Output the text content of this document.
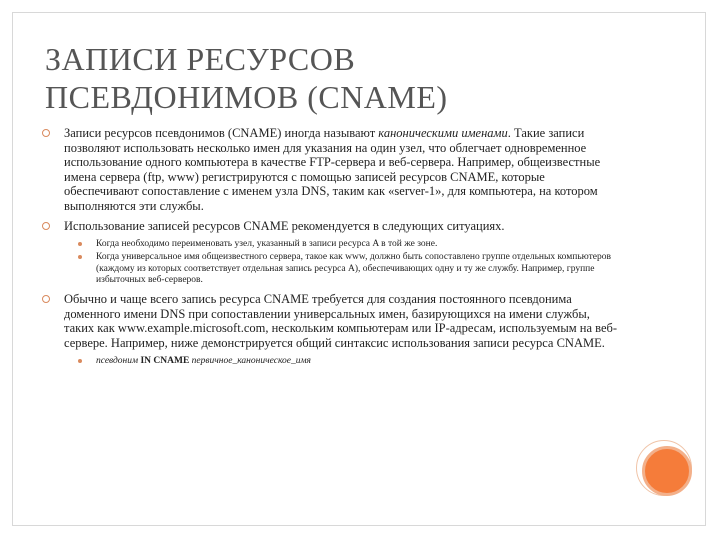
ЗАПИСИ РЕСУРСОВ
ПСЕВДОНИМОВ (CNAME)
Записи ресурсов псевдонимов (CNAME) иногда называют каноническими именами. Такие записи позволяют использовать несколько имен для указания на один узел, что облегчает одновременное использование одного компьютера в качестве FTP-сервера и веб-сервера. Например, общеизвестные имена сервера (ftp, www) регистрируются с помощью записей ресурсов CNAME, которые обеспечивают сопоставление с именем узла DNS, таким как «server-1», для компьютера, на котором выполняются эти службы.
Использование записей ресурсов CNAME рекомендуется в следующих ситуациях.
Когда необходимо переименовать узел, указанный в записи ресурса A в той же зоне.
Когда универсальное имя общеизвестного сервера, такое как www, должно быть сопоставлено группе отдельных компьютеров (каждому из которых соответствует отдельная запись ресурса A), обеспечивающих одну и ту же службу. Например, группе избыточных веб-серверов.
Обычно и чаще всего запись ресурса CNAME требуется для создания постоянного псевдонима доменного имени DNS при сопоставлении универсальных имен, базирующихся на имени службы, таких как www.example.microsoft.com, нескольким компьютерам или IP-адресам, используемым на веб-сервере. Например, ниже демонстрируется общий синтаксис использования записи ресурса CNAME.
псевдоним IN CNAME первичное_каноническое_имя
